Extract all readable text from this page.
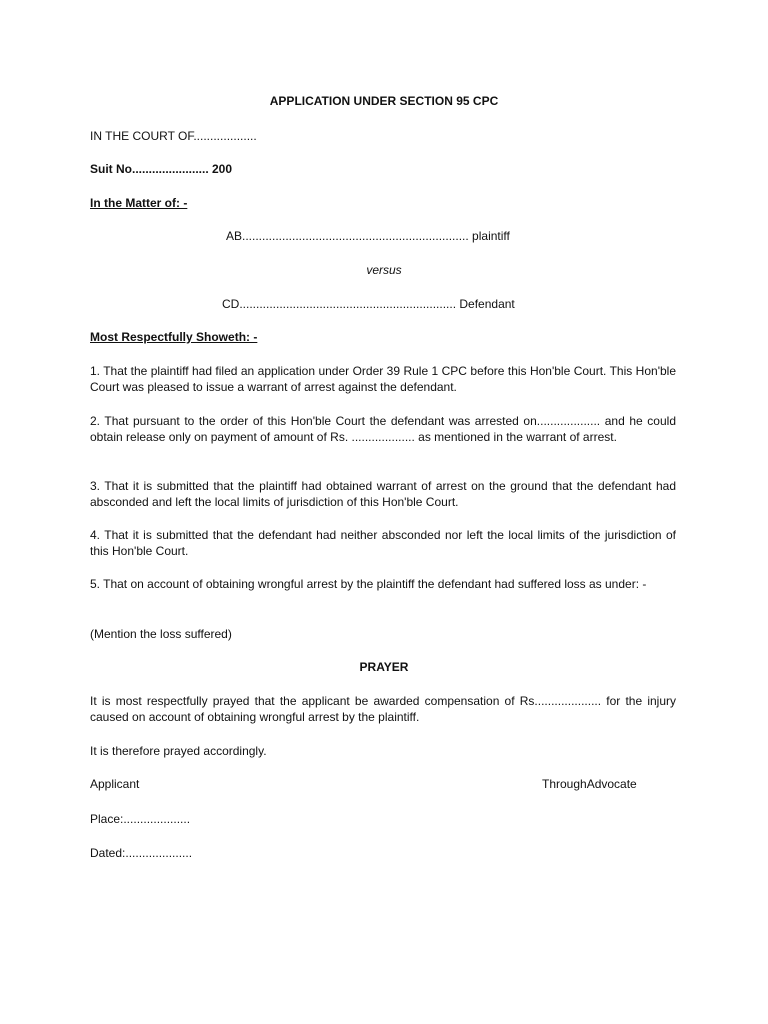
APPLICATION UNDER SECTION 95 CPC
IN THE COURT OF...................
Suit No....................... 200
In the Matter of: -
AB.................................................................... plaintiff
versus
CD................................................................. Defendant
Most Respectfully Showeth: -
1. That the plaintiff had filed an application under Order 39 Rule 1 CPC before this Hon'ble Court. This Hon'ble Court was pleased to issue a warrant of arrest against the defendant.
2. That pursuant to the order of this Hon'ble Court the defendant was arrested on................... and he could obtain release only on payment of amount of Rs. ................... as mentioned in the warrant of arrest.
3. That it is submitted that the plaintiff had obtained warrant of arrest on the ground that the defendant had absconded and left the local limits of jurisdiction of this Hon'ble Court.
4. That it is submitted that the defendant had neither absconded nor left the local limits of the jurisdiction of this Hon'ble Court.
5. That on account of obtaining wrongful arrest by the plaintiff the defendant had suffered loss as under: -
(Mention the loss suffered)
PRAYER
It is most respectfully prayed that the applicant be awarded compensation of Rs.................... for the injury caused on account of obtaining wrongful arrest by the plaintiff.
It is therefore prayed accordingly.
Applicant	ThroughAdvocate
Place:....................
Dated:....................
